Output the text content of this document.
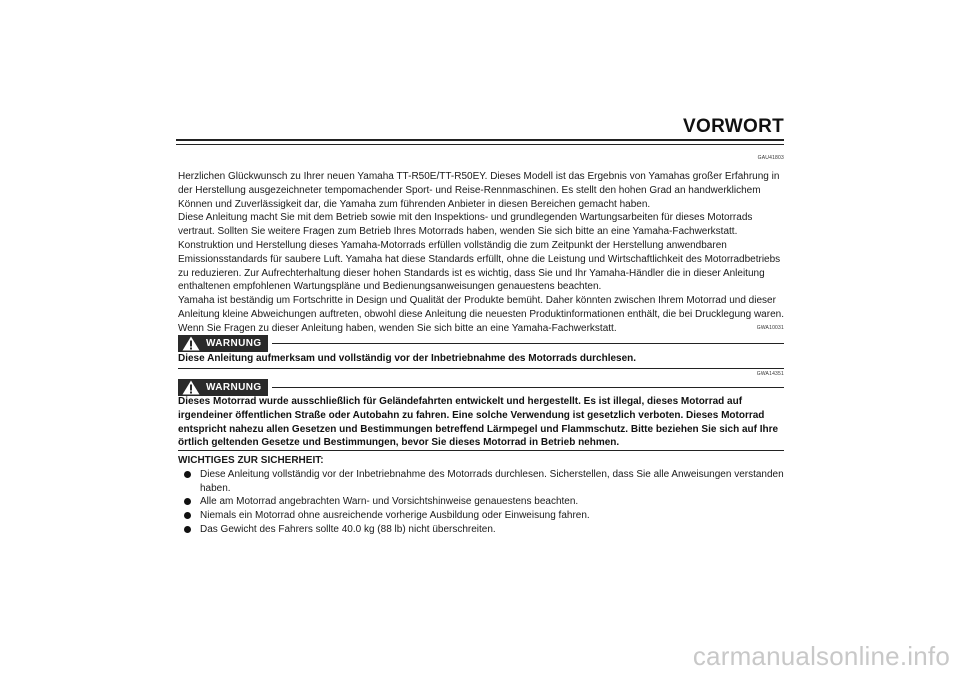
VORWORT
GAU41803

Herzlichen Glückwunsch zu Ihrer neuen Yamaha TT-R50E/TT-R50EY. Dieses Modell ist das Ergebnis von Yamahas großer Erfahrung in der Herstellung ausgezeichneter tempomachender Sport- und Reise-Rennmaschinen. Es stellt den hohen Grad an handwerklichem Können und Zuverlässigkeit dar, die Yamaha zum führenden Anbieter in diesen Bereichen gemacht haben.

Diese Anleitung macht Sie mit dem Betrieb sowie mit den Inspektions- und grundlegenden Wartungsarbeiten für dieses Motorrads vertraut. Sollten Sie weitere Fragen zum Betrieb Ihres Motorrads haben, wenden Sie sich bitte an eine Yamaha-Fachwerkstatt.

Konstruktion und Herstellung dieses Yamaha-Motorrads erfüllen vollständig die zum Zeitpunkt der Herstellung anwendbaren Emissionsstandards für saubere Luft. Yamaha hat diese Standards erfüllt, ohne die Leistung und Wirtschaftlichkeit des Motorradbetriebs zu reduzieren. Zur Aufrechterhaltung dieser hohen Standards ist es wichtig, dass Sie und Ihr Yamaha-Händler die in dieser Anleitung enthaltenen empfohlenen Wartungspläne und Bedienungsanweisungen genauestens beachten.

Yamaha ist beständig um Fortschritte in Design und Qualität der Produkte bemüht. Daher könnten zwischen Ihrem Motorrad und dieser Anleitung kleine Abweichungen auftreten, obwohl diese Anleitung die neuesten Produktinformationen enthält, die bei Drucklegung waren. Wenn Sie Fragen zu dieser Anleitung haben, wenden Sie sich bitte an eine Yamaha-Fachwerkstatt.	GWA10031
WARNUNG
Diese Anleitung aufmerksam und vollständig vor der Inbetriebnahme des Motorrads durchlesen.
GWA14351
WARNUNG
Dieses Motorrad wurde ausschließlich für Geländefahrten entwickelt und hergestellt. Es ist illegal, dieses Motorrad auf irgendeiner öffentlichen Straße oder Autobahn zu fahren. Eine solche Verwendung ist gesetzlich verboten. Dieses Motorrad entspricht nahezu allen Gesetzen und Bestimmungen betreffend Lärmpegel und Flammschutz. Bitte beziehen Sie sich auf Ihre örtlich geltenden Gesetze und Bestimmungen, bevor Sie dieses Motorrad in Betrieb nehmen.
WICHTIGES ZUR SICHERHEIT:
Diese Anleitung vollständig vor der Inbetriebnahme des Motorrads durchlesen. Sicherstellen, dass Sie alle Anweisungen verstanden haben.
Alle am Motorrad angebrachten Warn- und Vorsichtshinweise genauestens beachten.
Niemals ein Motorrad ohne ausreichende vorherige Ausbildung oder Einweisung fahren.
Das Gewicht des Fahrers sollte 40.0 kg (88 lb) nicht überschreiten.
carmanualsonline.info
